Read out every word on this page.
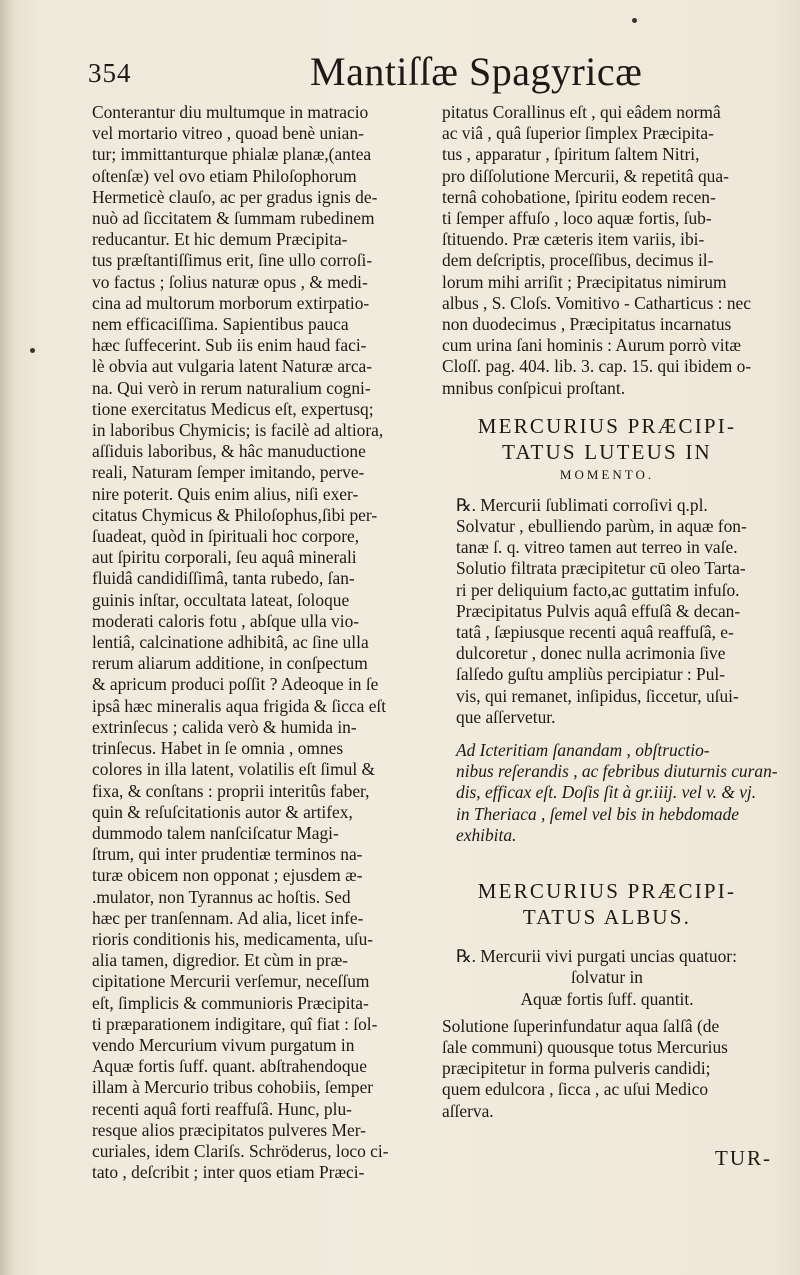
354	Mantiſſæ Spagyricæ
Conterantur diu multumque in matracio
vel mortario vitreo , quoad benè unian-
tur; immittanturque phialæ planæ,(antea
oſtenſæ) vel ovo etiam Philoſophorum
Hermeticè clauſo, ac per gradus ignis de-
nuò ad ſiccitatem & ſummam rubedinem
reducantur. Et hic demum Præcipita-
tus præſtantiſſimus erit, ſine ullo corroſi-
vo factus ; ſolius naturæ opus , & medi-
cina ad multorum morborum extirpatio-
nem efficaciſſima. Sapientibus pauca
hæc ſuffecerint. Sub iis enim haud faci-
lè obvia aut vulgaria latent Naturæ arca-
na. Qui verò in rerum naturalium cogni-
tione exercitatus Medicus eſt, expertusq;
in laboribus Chymicis; is facilè ad altiora,
aſſiduis laboribus, & hâc manuductione
reali, Naturam ſemper imitando, perve-
nire poterit. Quis enim alius, niſi exer-
citatus Chymicus & Philoſophus,ſibi per-
ſuadeat, quòd in ſpirituali hoc corpore,
aut ſpiritu corporali, ſeu aquâ minerali
fluidâ candidiſſimâ, tanta rubedo, ſan-
guinis inſtar, occultata lateat, ſoloque
moderati caloris fotu , abſque ulla vio-
lentiâ, calcinatione adhibitâ, ac ſine ulla
rerum aliarum additione, in conſpectum
& apricum produci poſſit ? Adeoque in ſe
ipsâ hæc mineralis aqua frigida & ſicca eſt
extrinſecus ; calida verò & humida in-
trinſecus. Habet in ſe omnia , omnes
colores in illa latent, volatilis eſt ſimul &
fixa, & conſtans : proprii interitûs faber,
quin & reſuſcitationis autor & artifex,
dummodo talem nanſciſcatur Magi-
ſtrum, qui inter prudentiæ terminos na-
turæ obicem non opponat ; ejusdem æ-
.mulator, non Tyrannus ac hoſtis. Sed
hæc per tranſennam. Ad alia, licet infe-
rioris conditionis his, medicamenta, uſu-
alia tamen, digredior. Et cùm in præ-
cipitatione Mercurii verſemur, neceſſum
eſt, ſimplicis & communioris Præcipita-
ti præparationem indigitare, quî fiat : ſol-
vendo Mercurium vivum purgatum in
Aquæ fortis ſuff. quant. abſtrahendoque
illam à Mercurio tribus cohobiis, ſemper
recenti aquâ forti reaffuſâ. Hunc, plu-
resque alios præcipitatos pulveres Mer-
curiales, idem Clariſs. Schröderus, loco ci-
tato , deſcribit ; inter quos etiam Præci-
pitatus Corallinus eſt , qui eâdem normâ
ac viâ , quâ ſuperior ſimplex Præcipita-
tus , apparatur , ſpiritum ſaltem Nitri,
pro diſſolutione Mercurii, & repetitâ qua-
ternâ cohobatione, ſpiritu eodem recen-
ti ſemper affuſo , loco aquæ fortis, ſub-
ſtituendo. Præ cæteris item variis, ibi-
dem deſcriptis, proceſſibus, decimus il-
lorum mihi arriſit ; Præcipitatus nimirum
albus , S. Cloſs. Vomitivo - Catharticus : nec
non duodecimus , Præcipitatus incarnatus
cum urina ſani hominis : Aurum porrò vitæ
Cloſſ. pag. 404. lib. 3. cap. 15. qui ibidem o-
mnibus conſpicui proſtant.
MERCURIUS PRÆCIPI-
TATUS LUTEUS IN
MOMENTO.
℞. Mercurii ſublimati corroſivi q.pl.
Solvatur , ebulliendo parùm, in aquæ fon-
tanæ ſ. q. vitreo tamen aut terreo in vaſe.
Solutio filtrata præcipitetur cū oleo Tarta-
ri per deliquium facto,ac guttatim infuſo.
Præcipitatus Pulvis aquâ effuſâ & decan-
tatâ , ſæpiusque recenti aquâ reaffuſâ, e-
dulcoretur , donec nulla acrimonia ſive
ſalſedo guſtu ampliùs percipiatur : Pul-
vis, qui remanet, inſipidus, ſiccetur, uſui-
que aſſervetur.
Ad Icteritiam ſanandam , obſtructio-
nibus reſerandis , ac febribus diuturnis curan-
dis, efficax eſt. Doſis ſit à gr.iiij. vel v. & vj.
in Theriaca , ſemel vel bis in hebdomade
exhibita.
MERCURIUS PRÆCIPI-
TATUS ALBUS.
℞. Mercurii vivi purgati uncias quatuor:
ſolvatur in
Aquæ fortis ſuff. quantit.
Solutione ſuperinfundatur aqua ſalſâ (de
ſale communi) quousque totus Mercurius
præcipitetur in forma pulveris candidi;
quem edulcora , ſicca , ac uſui Medico
aſſerva.
TUR-
